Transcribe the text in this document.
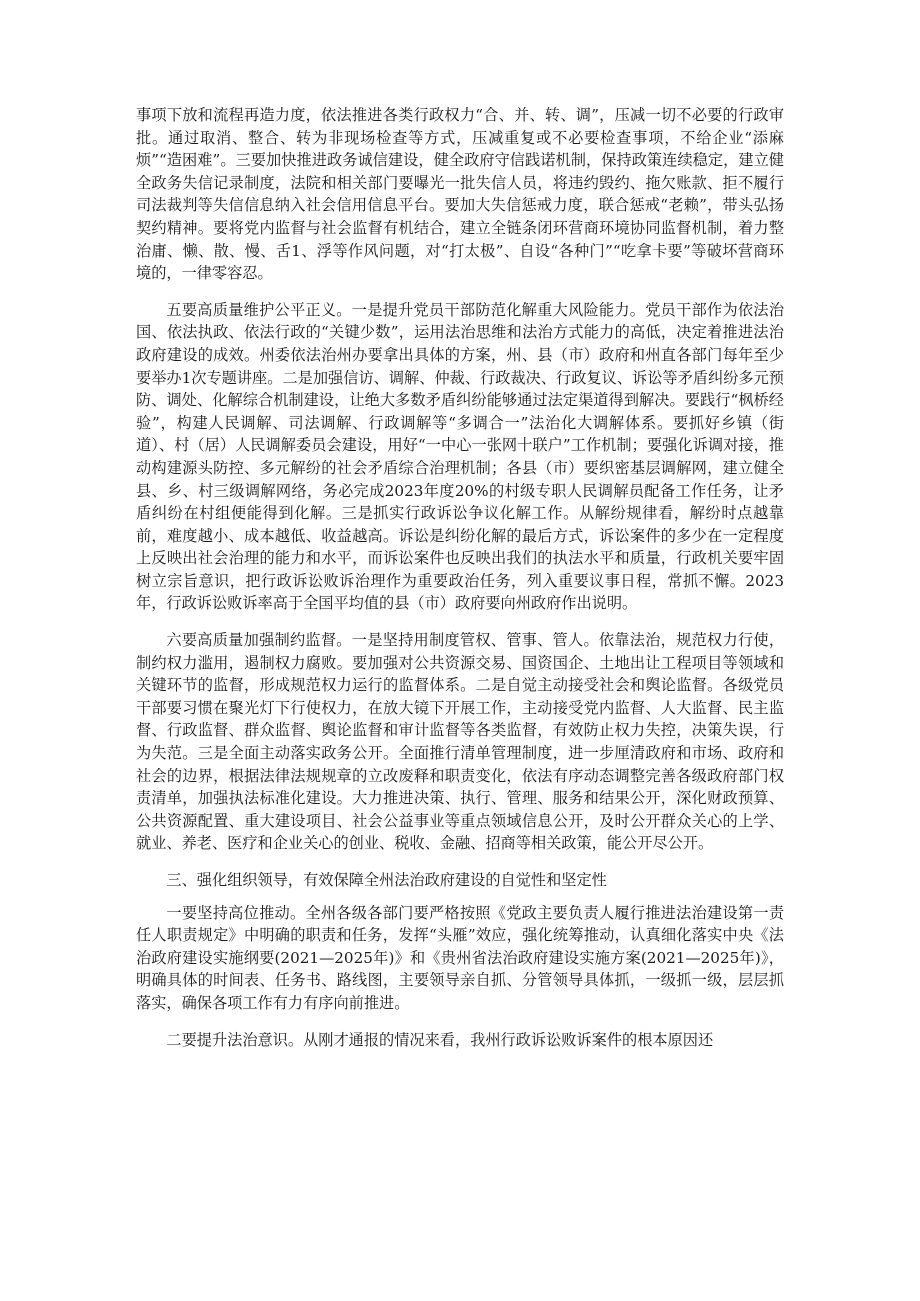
事项下放和流程再造力度，依法推进各类行政权力“合、并、转、调”，压减一切不必要的行政审批。通过取消、整合、转为非现场检查等方式，压减重复或不必要检查事项，不给企业“添麻烦”“造困难”。三要加快推进政务诚信建设，健全政府守信践诺机制，保持政策连续稳定，建立健全政务失信记录制度，法院和相关部门要曝光一批失信人员，将违约毁约、拖欠账款、拒不履行司法裁判等失信信息纳入社会信用信息平台。要加大失信惩戒力度，联合惩戒“老赖”，带头弘扬契约精神。要将党内监督与社会监督有机结合，建立全链条闭环营商环境协同监督机制，着力整治庸、懒、散、慢、舌1、浮等作风问题，对“打太极”、自设“各种门”“吃拿卡要”等破坏营商环境的，一律零容忍。

五要高质量维护公平正义。一是提升党员干部防范化解重大风险能力。党员干部作为依法治国、依法执政、依法行政的“关键少数”，运用法治思维和法治方式能力的高低，决定着推进法治政府建设的成效。州委依法治州办要拿出具体的方案，州、县（市）政府和州直各部门每年至少要举办1次专题讲座。二是加强信访、调解、仲裁、行政裁决、行政复议、诉讼等矛盾纠纷多元预防、调处、化解综合机制建设，让绝大多数矛盾纠纷能够通过法定渠道得到解决。要践行“枫桥经验”，构建人民调解、司法调解、行政调解等“多调合一”法治化大调解体系。要抓好乡镇（街道）、村（居）人民调解委员会建设，用好“一中心一张网十联户”工作机制；要强化诉调对接，推动构建源头防控、多元解纷的社会矛盾综合治理机制；各县（市）要织密基层调解网，建立健全县、乡、村三级调解网络，务必完成2023年度20%的村级专职人民调解员配备工作任务，让矛盾纠纷在村组便能得到化解。三是抓实行政诉讼争议化解工作。从解纷规律看，解纷时点越靠前，难度越小、成本越低、收益越高。诉讼是纠纷化解的最后方式，诉讼案件的多少在一定程度上反映出社会治理的能力和水平，而诉讼案件也反映出我们的执法水平和质量，行政机关要牢固树立宗旨意识，把行政诉讼败诉治理作为重要政治任务，列入重要议事日程，常抓不懈。2023年，行政诉讼败诉率高于全国平均值的县（市）政府要向州政府作出说明。

六要高质量加强制约监督。一是坚持用制度管权、管事、管人。依靠法治，规范权力行使，制约权力滥用，遏制权力腐败。要加强对公共资源交易、国资国企、土地出让工程项目等领域和关键环节的监督，形成规范权力运行的监督体系。二是自觉主动接受社会和舆论监督。各级党员干部要习惯在聚光灯下行使权力，在放大镜下开展工作，主动接受党内监督、人大监督、民主监督、行政监督、群众监督、舆论监督和审计监督等各类监督，有效防止权力失控，决策失误，行为失范。三是全面主动落实政务公开。全面推行清单管理制度，进一步厘清政府和市场、政府和社会的边界，根据法律法规规章的立改废释和职责变化，依法有序动态调整完善各级政府部门权责清单，加强执法标准化建设。大力推进决策、执行、管理、服务和结果公开，深化财政预算、公共资源配置、重大建设项目、社会公益事业等重点领域信息公开，及时公开群众关心的上学、就业、养老、医疗和企业关心的创业、税收、金融、招商等相关政策，能公开尽公开。

三、强化组织领导，有效保障全州法治政府建设的自觉性和坚定性

一要坚持高位推动。全州各级各部门要严格按照《党政主要负责人履行推进法治建设第一责任人职责规定》中明确的职责和任务，发挥“头雁”效应，强化统筹推动，认真细化落实中央《法治政府建设实施纲要(2021—2025年)》和《贵州省法治政府建设实施方案(2021—2025年)》，明确具体的时间表、任务书、路线图，主要领导亲自抓、分管领导具体抓，一级抓一级，层层抓落实，确保各项工作有力有序向前推进。

二要提升法治意识。从刚才通报的情况来看，我州行政诉讼败诉案件的根本原因还
